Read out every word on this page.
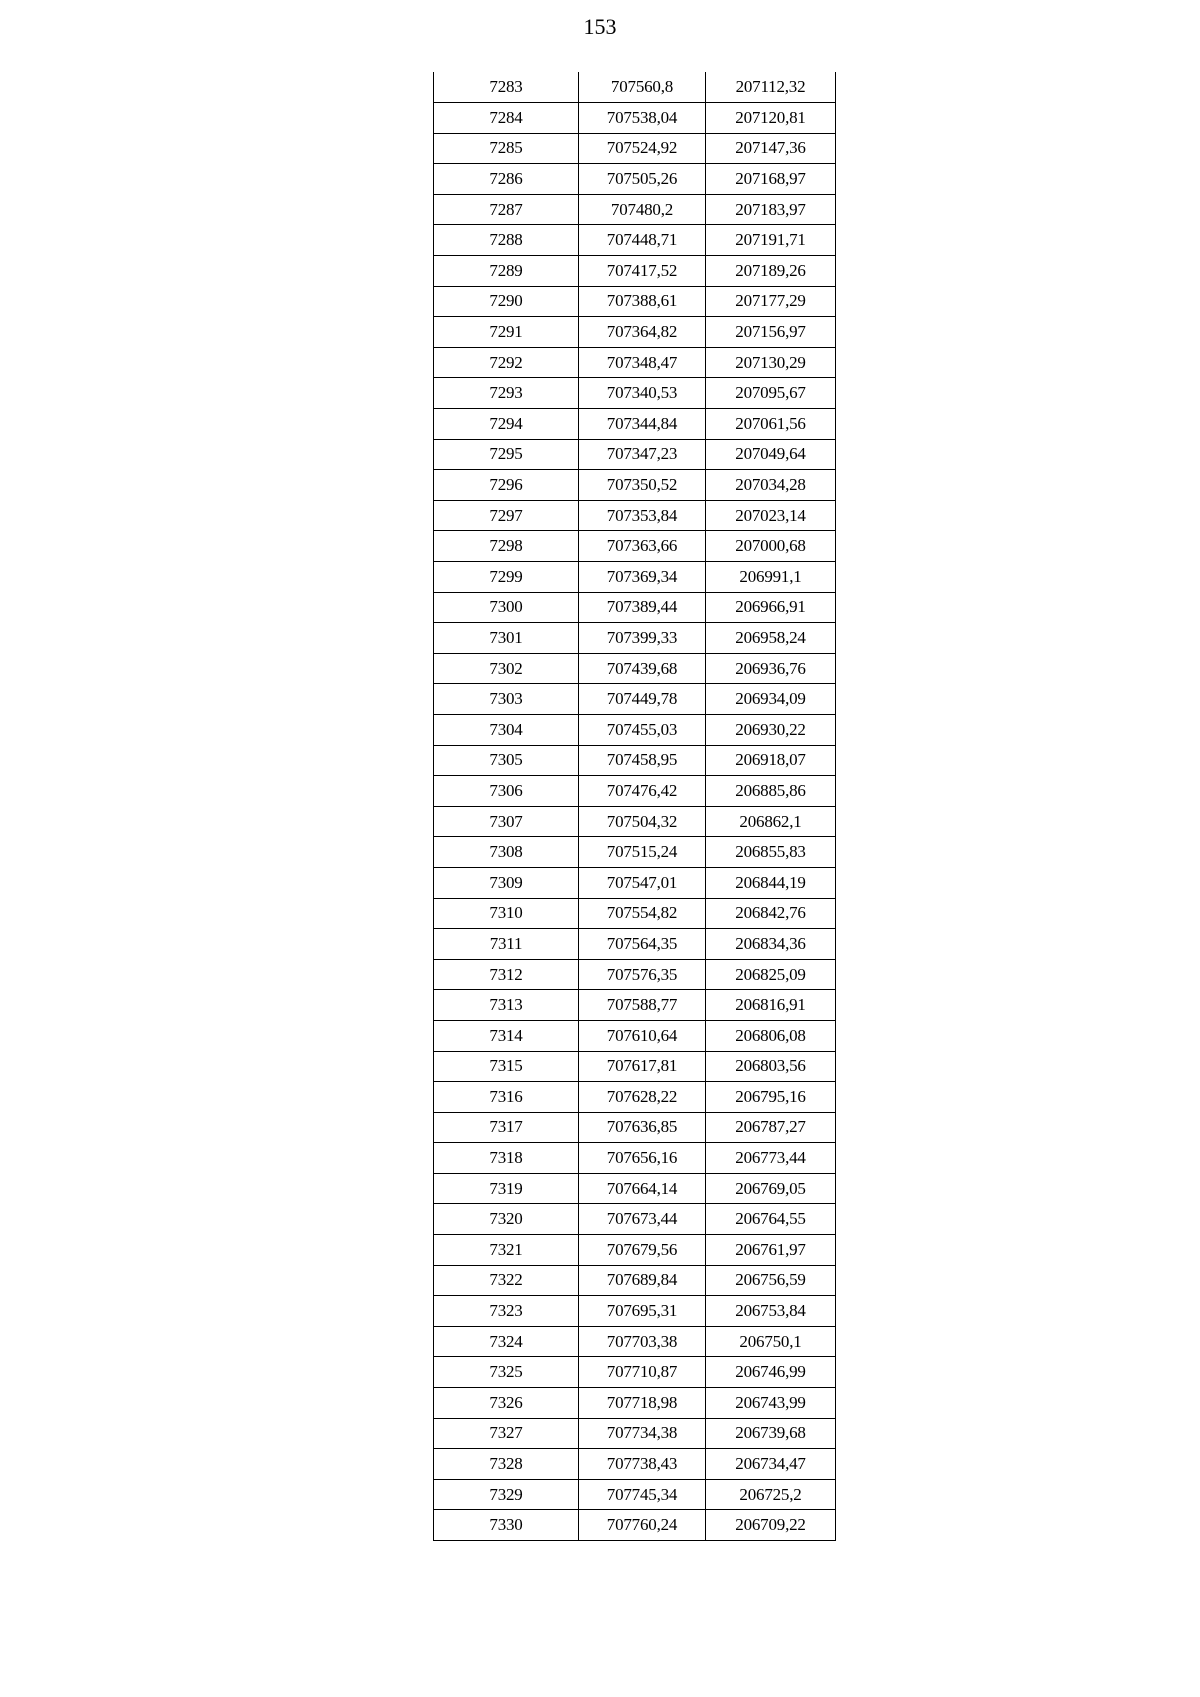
153
7283	707560,8	207112,32
7284	707538,04	207120,81
7285	707524,92	207147,36
7286	707505,26	207168,97
7287	707480,2	207183,97
7288	707448,71	207191,71
7289	707417,52	207189,26
7290	707388,61	207177,29
7291	707364,82	207156,97
7292	707348,47	207130,29
7293	707340,53	207095,67
7294	707344,84	207061,56
7295	707347,23	207049,64
7296	707350,52	207034,28
7297	707353,84	207023,14
7298	707363,66	207000,68
7299	707369,34	206991,1
7300	707389,44	206966,91
7301	707399,33	206958,24
7302	707439,68	206936,76
7303	707449,78	206934,09
7304	707455,03	206930,22
7305	707458,95	206918,07
7306	707476,42	206885,86
7307	707504,32	206862,1
7308	707515,24	206855,83
7309	707547,01	206844,19
7310	707554,82	206842,76
7311	707564,35	206834,36
7312	707576,35	206825,09
7313	707588,77	206816,91
7314	707610,64	206806,08
7315	707617,81	206803,56
7316	707628,22	206795,16
7317	707636,85	206787,27
7318	707656,16	206773,44
7319	707664,14	206769,05
7320	707673,44	206764,55
7321	707679,56	206761,97
7322	707689,84	206756,59
7323	707695,31	206753,84
7324	707703,38	206750,1
7325	707710,87	206746,99
7326	707718,98	206743,99
7327	707734,38	206739,68
7328	707738,43	206734,47
7329	707745,34	206725,2
7330	707760,24	206709,22
